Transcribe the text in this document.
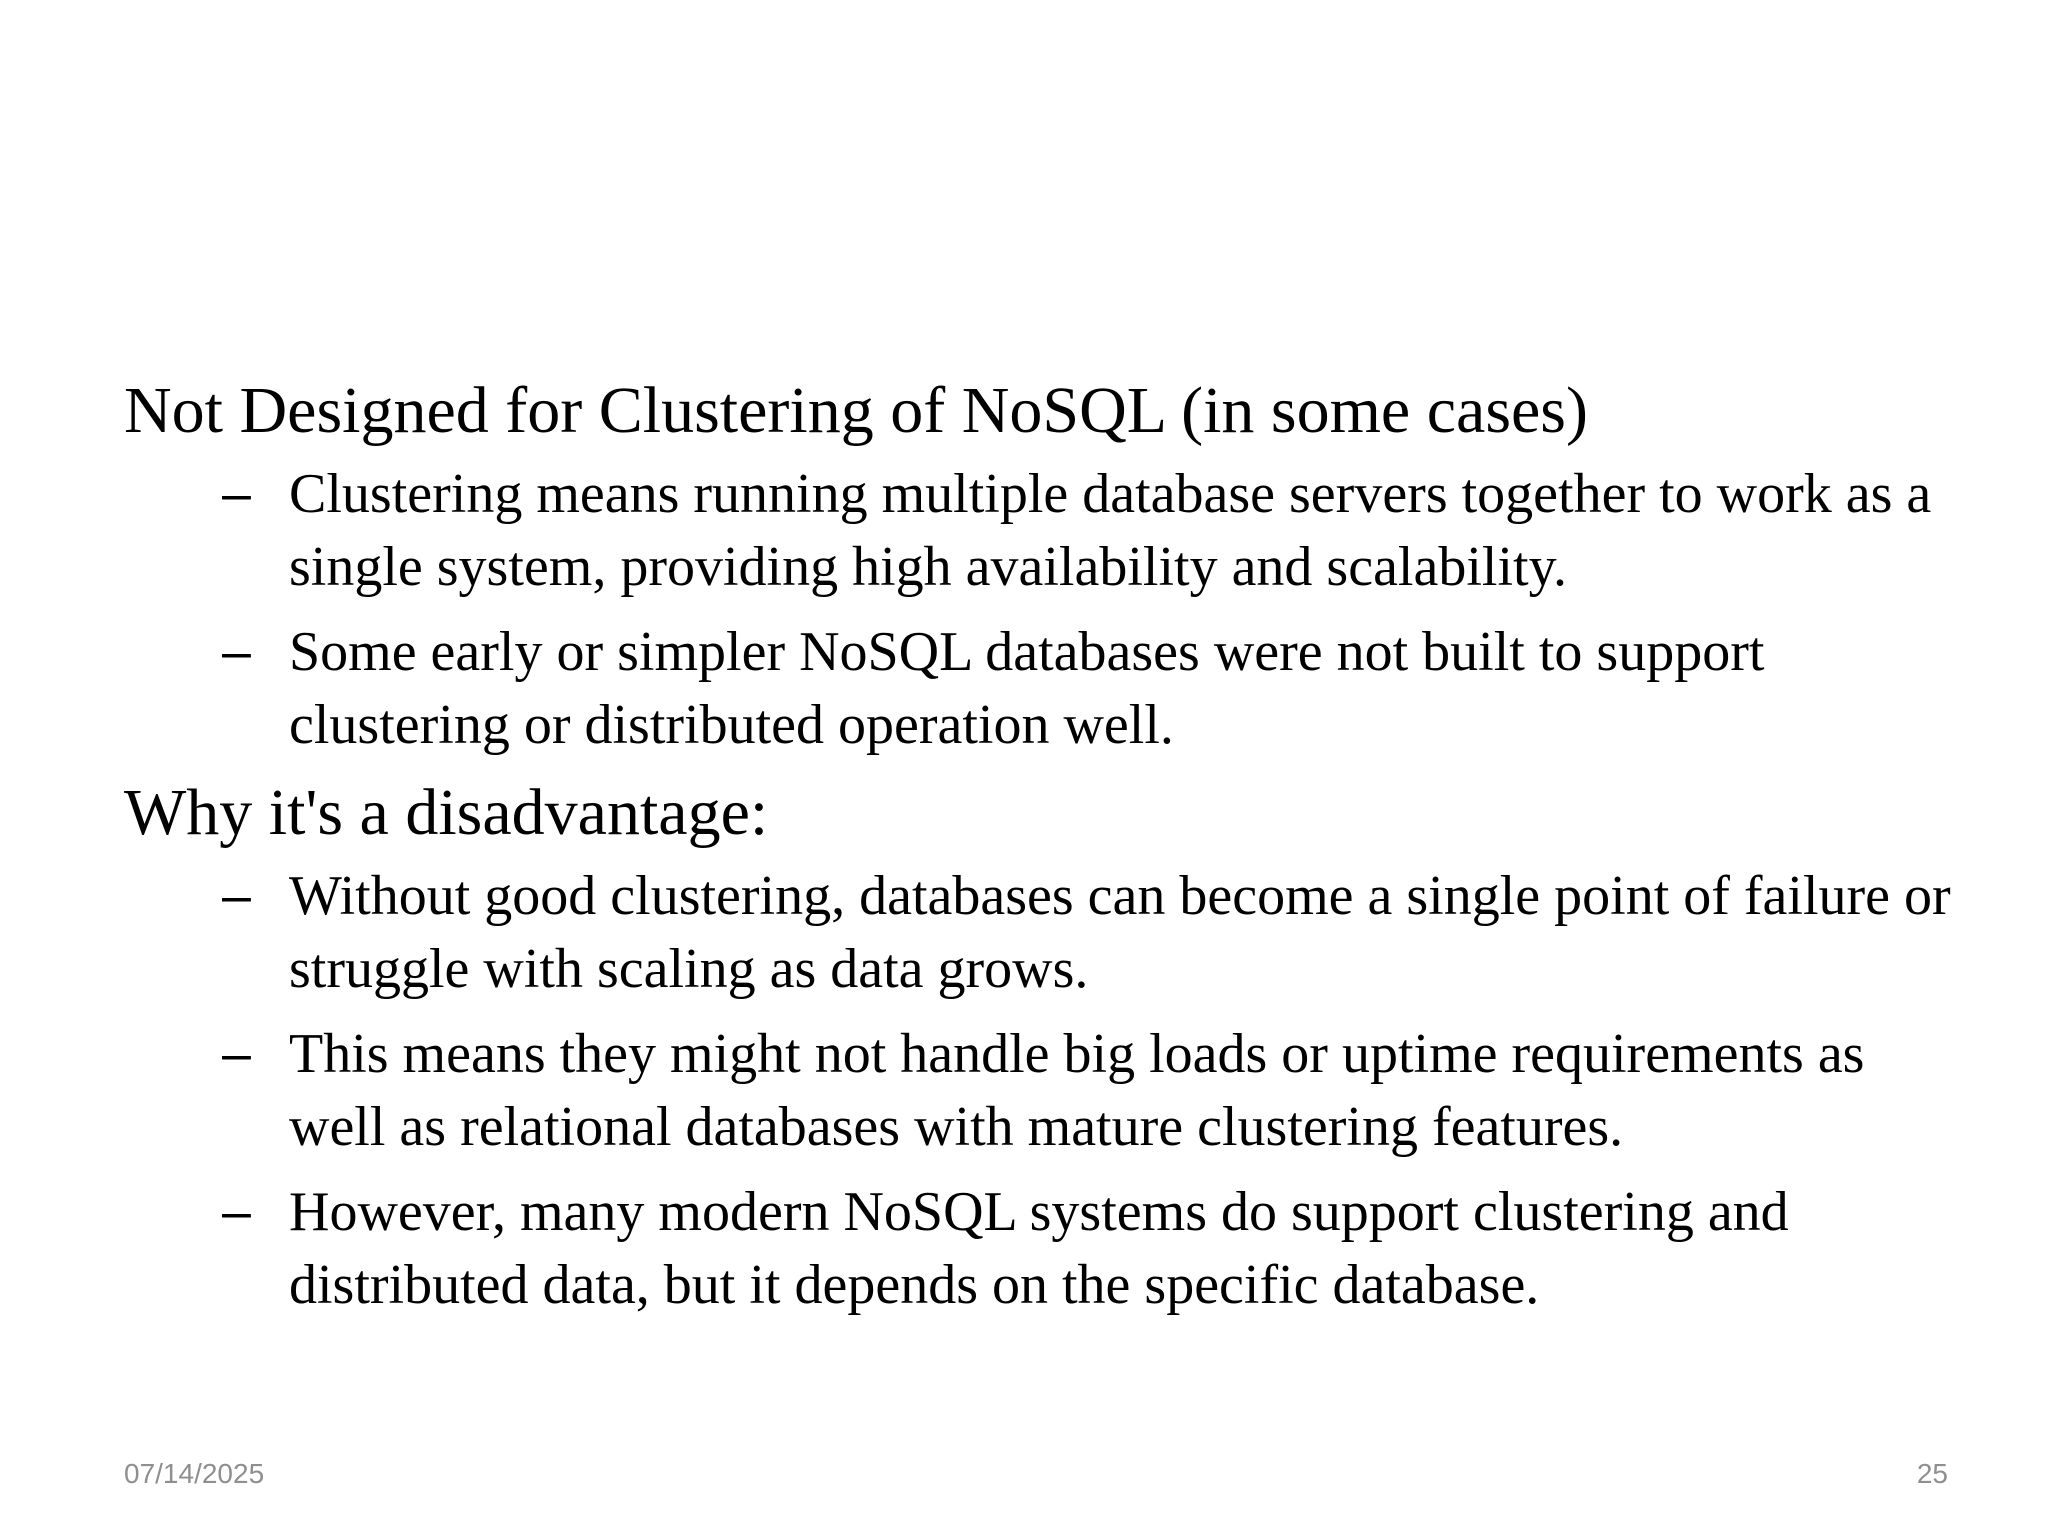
Not Designed for Clustering of NoSQL (in some cases)
– Clustering means running multiple database servers together to work as a single system, providing high availability and scalability.
– Some early or simpler NoSQL databases were not built to support clustering or distributed operation well.
Why it's a disadvantage:
– Without good clustering, databases can become a single point of failure or struggle with scaling as data grows.
– This means they might not handle big loads or uptime requirements as well as relational databases with mature clustering features.
– However, many modern NoSQL systems do support clustering and distributed data, but it depends on the specific database.
07/14/2025	25
